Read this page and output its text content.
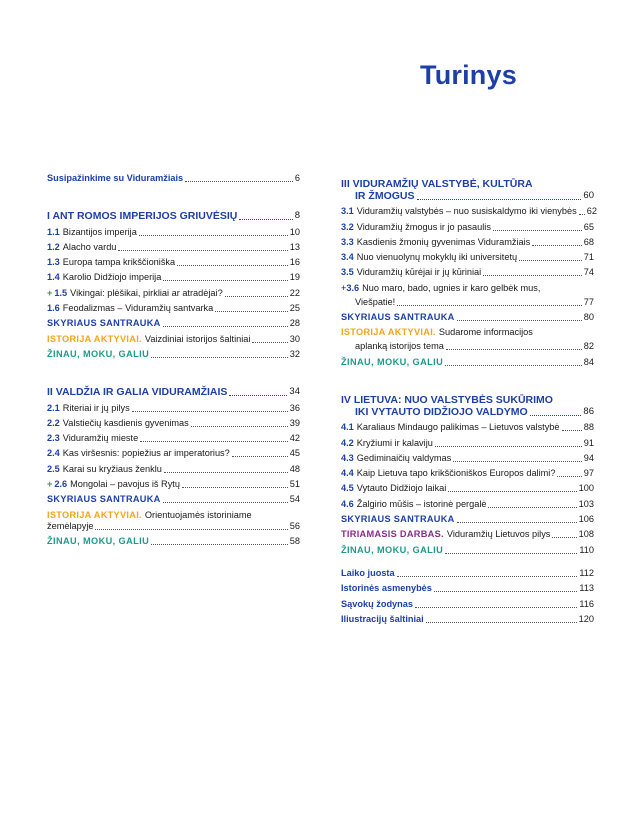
Turinys
Susipažinkime su Viduramžiais	6
I ANT ROMOS IMPERIJOS GRIUVĖSIŲ	8
1.1 Bizantijos imperija	10
1.2 Alacho vardu	13
1.3 Europa tampa krikščioniška	16
1.4 Karolio Didžiojo imperija	19
+ 1.5 Vikingai: plėšikai, pirkliai ar atradėjai?	22
1.6 Feodalizmas – Viduramžių santvarka	25
SKYRIAUS SANTRAUKA	28
ISTORIJA AKTYVIAI. Vaizdiniai istorijos šaltiniai	30
ŽINAU, MOKU, GALIU	32
II VALDŽIA IR GALIA VIDURAMŽIAIS	34
2.1 Riteriai ir jų pilys	36
2.2 Valstiečių kasdienis gyvenimas	39
2.3 Viduramžių mieste	42
2.4 Kas viršesnis: popiežius ar imperatorius?	45
2.5 Karai su kryžiaus ženklu	48
+ 2.6 Mongolai – pavojus iš Rytų	51
SKYRIAUS SANTRAUKA	54
ISTORIJA AKTYVIAI. Orientuojamės istoriniame
žemėlapyje	56
ŽINAU, MOKU, GALIU	58
III VIDURAMŽIŲ VALSTYBĖ, KULTŪRA
IR ŽMOGUS	60
3.1 Viduramžių valstybės – nuo susiskaldymo iki vienybės 62
3.2 Viduramžių žmogus ir jo pasaulis	65
3.3 Kasdienis žmonių gyvenimas Viduramžiais	68
3.4 Nuo vienuolynų mokyklų iki universitetų	71
3.5 Viduramžių kūrėjai ir jų kūriniai	74
+ 3.6 Nuo maro, bado, ugnies ir karo gelbėk mus,
Viešpatie!	77
SKYRIAUS SANTRAUKA	80
ISTORIJA AKTYVIAI. Sudarome informacijos
aplanką istorijos tema	82
ŽINAU, MOKU, GALIU	84
IV LIETUVA: NUO VALSTYBĖS SUKŪRIMO
IKI VYTAUTO DIDŽIOJO VALDYMO	86
4.1 Karaliaus Mindaugo palikimas – Lietuvos valstybė	88
4.2 Kryžiumi ir kalaviju	91
4.3 Gediminaičių valdymas	94
4.4 Kaip Lietuva tapo krikščioniškos Europos dalimi?	97
4.5 Vytauto Didžiojo laikai	100
4.6 Žalgirio mūšis – istorinė pergalė	103
SKYRIAUS SANTRAUKA	106
TIRIAMASIS DARBAS. Viduramžių Lietuvos pilys	108
ŽINAU, MOKU, GALIU	110
Laiko juosta	112
Istorinės asmenybės	113
Sąvokų žodynas	116
Iliustracijų šaltiniai	120
